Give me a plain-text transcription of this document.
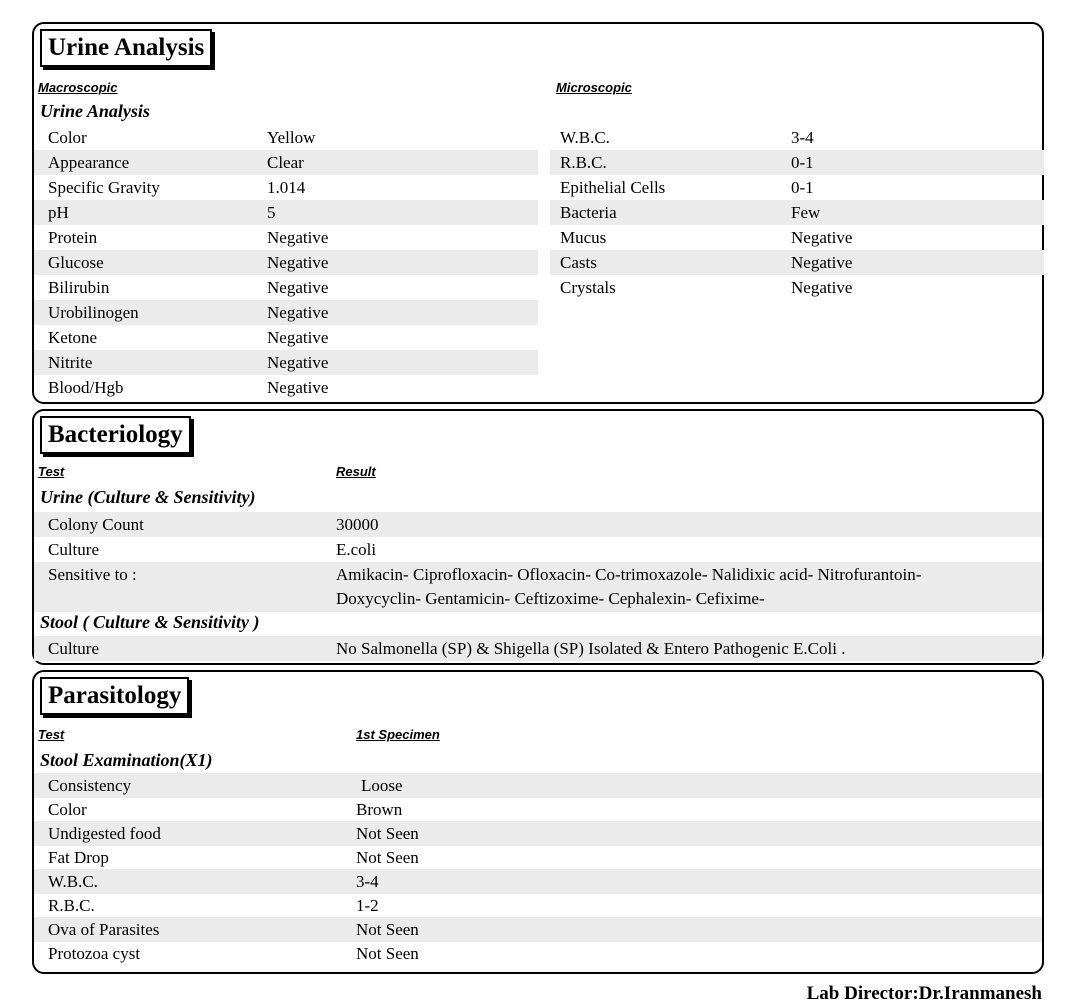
Urine Analysis
Macroscopic	Microscopic
Urine Analysis
Color	Yellow
Appearance	Clear
Specific Gravity	1.014
pH	5
Protein	Negative
Glucose	Negative
Bilirubin	Negative
Urobilinogen	Negative
Ketone	Negative
Nitrite	Negative
Blood/Hgb	Negative
W.B.C.	3-4
R.B.C.	0-1
Epithelial Cells	0-1
Bacteria	Few
Mucus	Negative
Casts	Negative
Crystals	Negative
Bacteriology
Test	Result
Urine (Culture & Sensitivity)
Colony Count	30000
Culture	E.coli
Sensitive to :	Amikacin- Ciprofloxacin- Ofloxacin- Co-trimoxazole- Nalidixic acid- Nitrofurantoin-
Doxycyclin- Gentamicin- Ceftizoxime- Cephalexin- Cefixime-
Stool ( Culture & Sensitivity )
Culture	No Salmonella (SP) & Shigella (SP) Isolated & Entero Pathogenic E.Coli .
Parasitology
Test	1st Specimen
Stool Examination(X1)
Consistency	Loose
Color	Brown
Undigested food	Not Seen
Fat Drop	Not Seen
W.B.C.	3-4
R.B.C.	1-2
Ova of Parasites	Not Seen
Protozoa cyst	Not Seen
Lab Director:Dr.Iranmanesh
